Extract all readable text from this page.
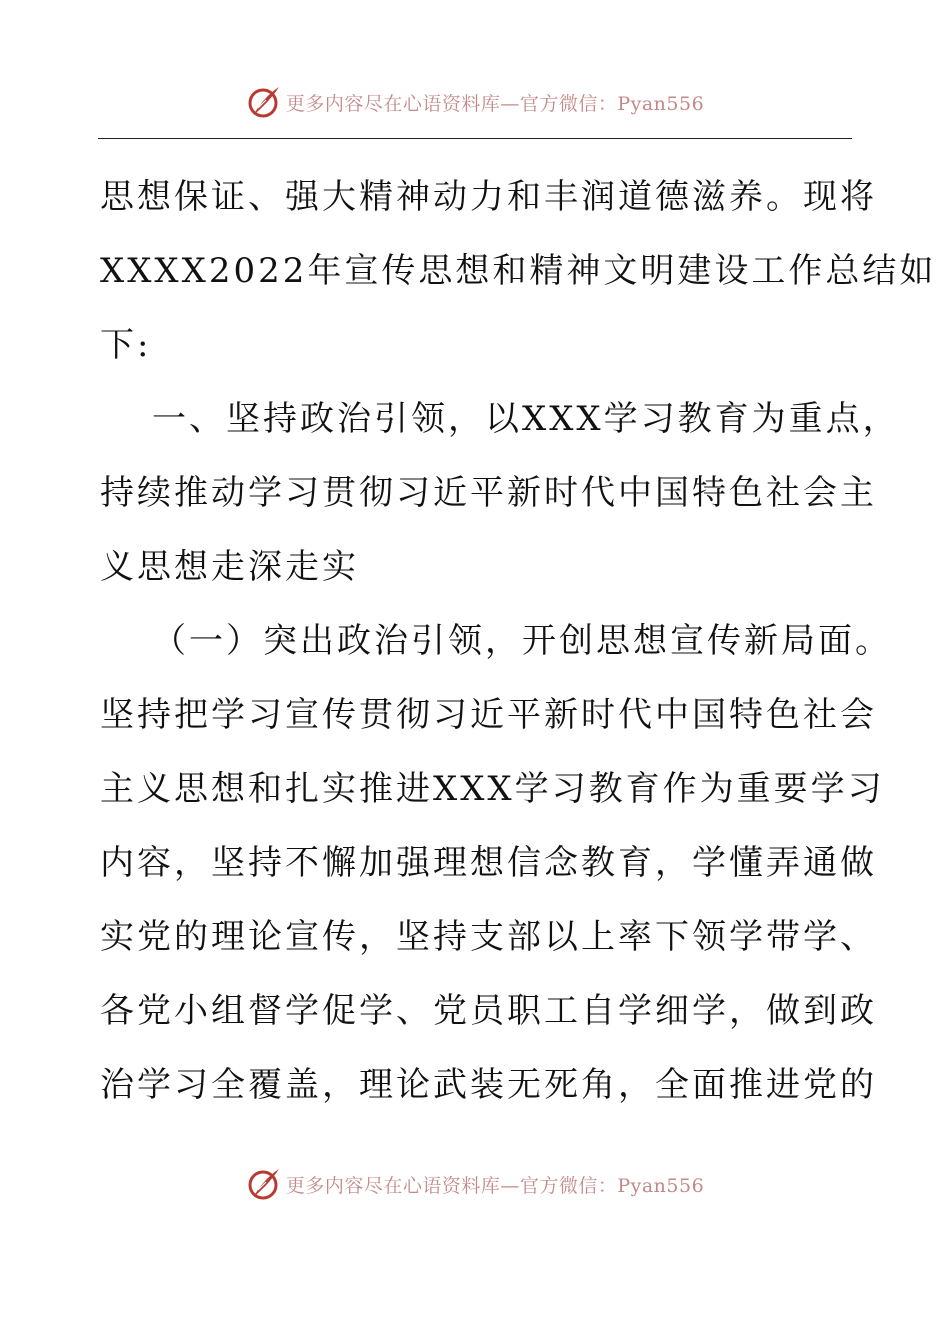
更多内容尽在心语资料库—官方微信：Pyan556
思想保证、强大精神动力和丰润道德滋养。现将
XXXX2022年宣传思想和精神文明建设工作总结如
下:
一、坚持政治引领，以XXX学习教育为重点，
持续推动学习贯彻习近平新时代中国特色社会主
义思想走深走实
（一）突出政治引领，开创思想宣传新局面。
坚持把学习宣传贯彻习近平新时代中国特色社会
主义思想和扎实推进XXX学习教育作为重要学习
内容，坚持不懈加强理想信念教育，学懂弄通做
实党的理论宣传，坚持支部以上率下领学带学、
各党小组督学促学、党员职工自学细学，做到政
治学习全覆盖，理论武装无死角，全面推进党的
更多内容尽在心语资料库—官方微信：Pyan556
